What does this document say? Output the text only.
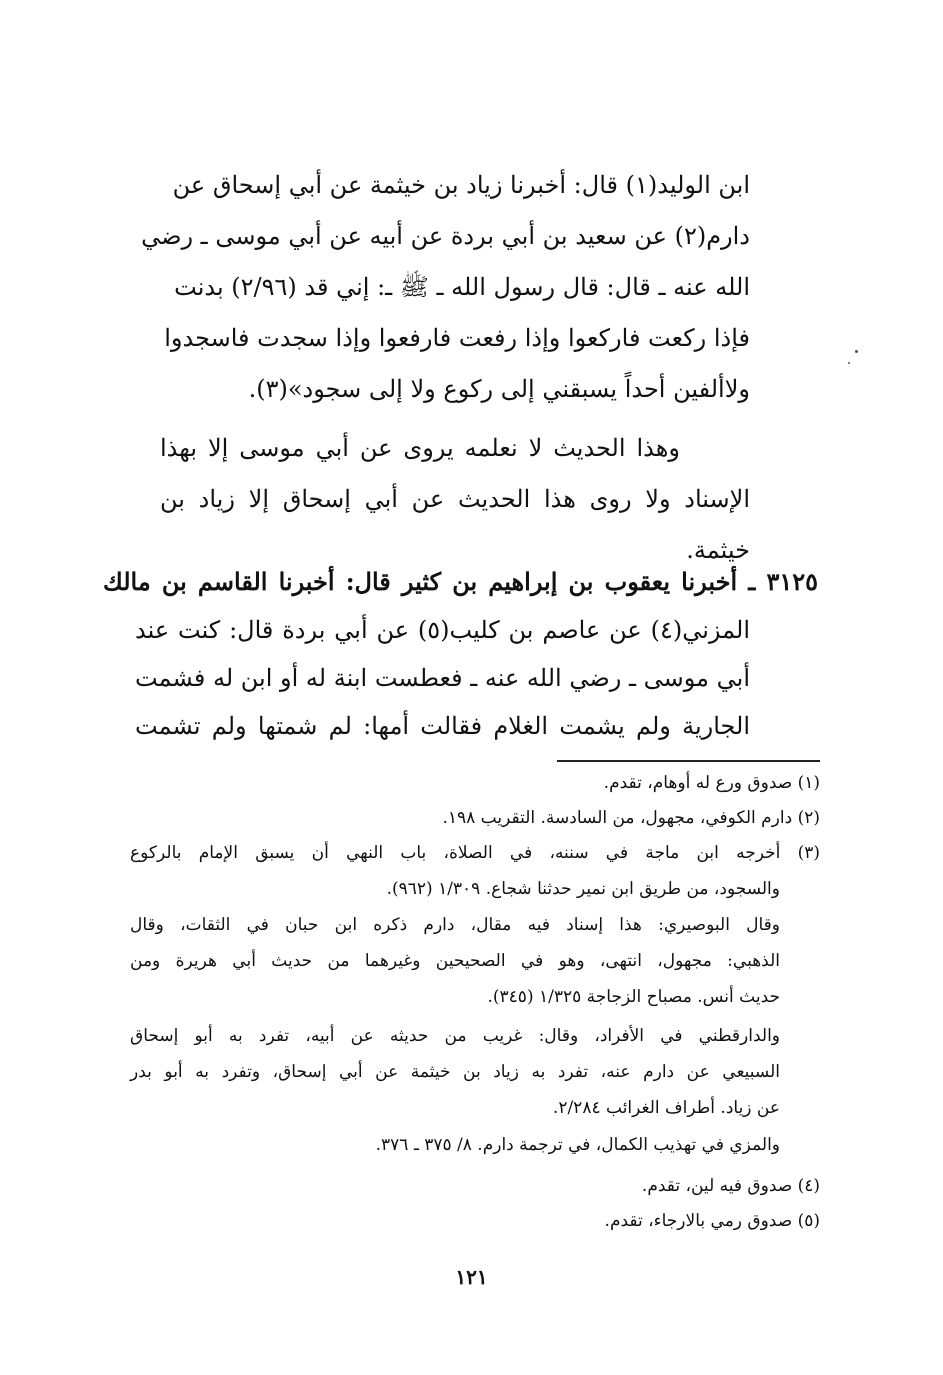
ابن الوليد(١) قال: أخبرنا زياد بن خيثمة عن أبي إسحاق عن
دارم(٢) عن سعيد بن أبي بردة عن أبيه عن أبي موسى ـ رضي
الله عنه ـ قال: قال رسول الله ـ ﷺ ـ: إني قد (٢/٩٦) بدنت
فإذا ركعت فاركعوا وإذا رفعت فارفعوا وإذا سجدت فاسجدوا
ولاألفين أحداً يسبقني إلى ركوع ولا إلى سجود»(٣).
وهذا الحديث لا نعلمه يروى عن أبي موسى إلا بهذا
الإسناد ولا روى هذا الحديث عن أبي إسحاق إلا زياد بن
خيثمة.
٣١٢٥ ـ أخبرنا يعقوب بن إبراهيم بن كثير قال: أخبرنا القاسم بن مالك
المزني(٤) عن عاصم بن كليب(٥) عن أبي بردة قال: كنت عند
أبي موسى ـ رضي الله عنه ـ فعطست ابنة له أو ابن له فشمت
الجارية ولم يشمت الغلام فقالت أمها: لم شمتها ولم تشمت
(١) صدوق ورع له أوهام، تقدم.
(٢) دارم الكوفي، مجهول، من السادسة. التقريب ١٩٨.
(٣) أخرجه ابن ماجة في سننه، في الصلاة، باب النهي أن يسبق الإمام بالركوع
والسجود، من طريق ابن نمير حدثنا شجاع. ١/٣٠٩ (٩٦٢).
وقال البوصيري: هذا إسناد فيه مقال، دارم ذكره ابن حبان في الثقات، وقال
الذهبي: مجهول، انتهى، وهو في الصحيحين وغيرهما من حديث أبي هريرة ومن
حديث أنس. مصباح الزجاجة ١/٣٢٥ (٣٤٥).
والدارقطني في الأفراد، وقال: غريب من حديثه عن أبيه، تفرد به أبو إسحاق
السبيعي عن دارم عنه، تفرد به زياد بن خيثمة عن أبي إسحاق، وتفرد به أبو بدر
عن زياد. أطراف الغرائب ٢/٢٨٤.
والمزي في تهذيب الكمال، في ترجمة دارم. ٨/ ٣٧٥ ـ ٣٧٦.
(٤) صدوق فيه لين، تقدم.
(٥) صدوق رمي بالارجاء، تقدم.
١٢١
